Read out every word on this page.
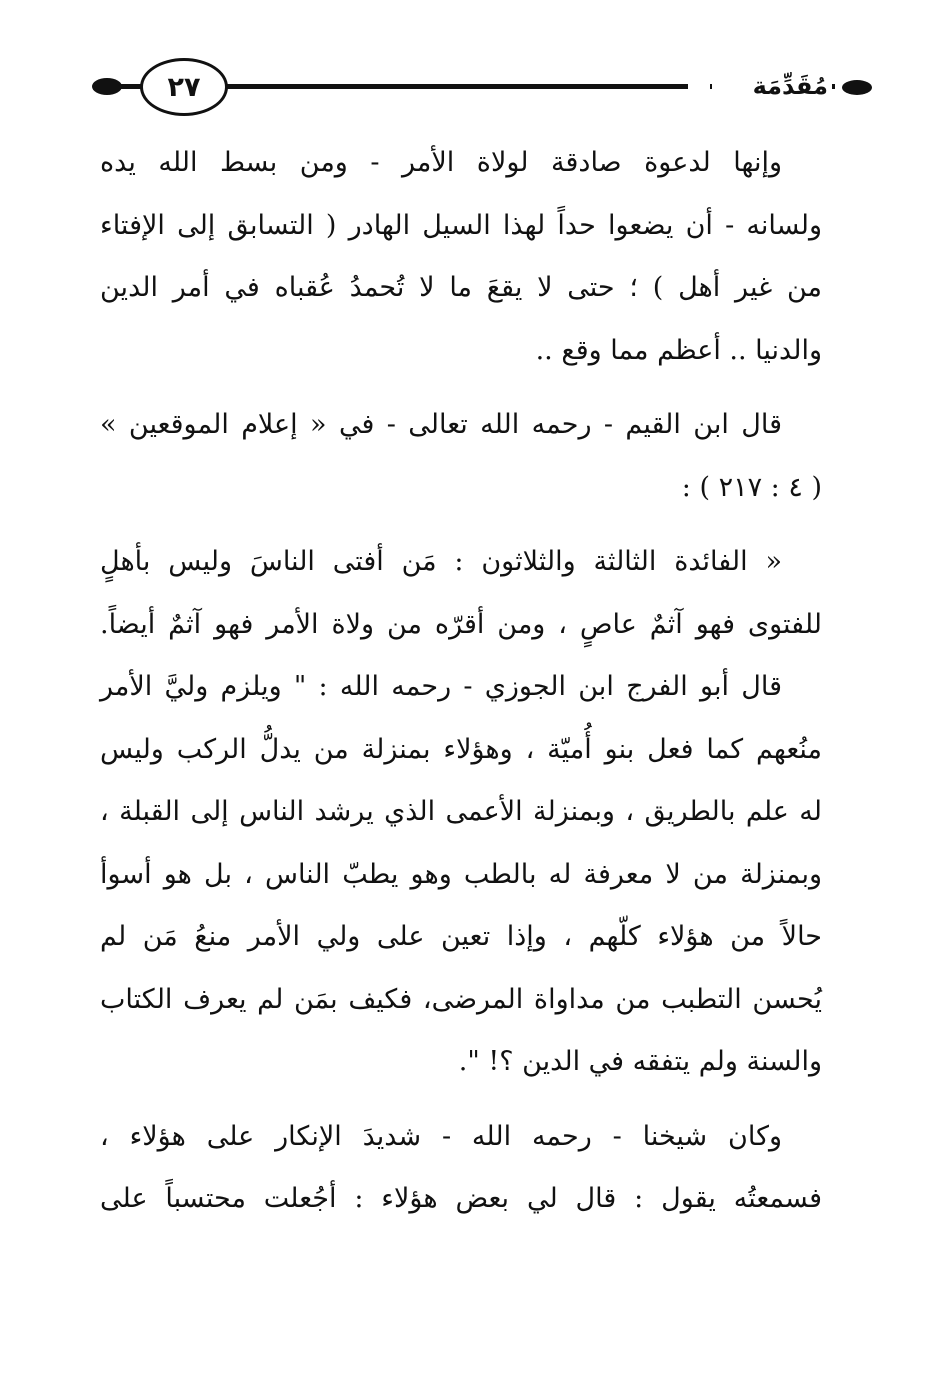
٢٧	مُقَدِّمَة
وإنها لدعوة صادقة لولاة الأمر - ومن بسط الله يده
ولسانه - أن يضعوا حداً لهذا السيل الهادر ( التسابق إلى الإفتاء
من غير أهل ) ؛ حتى لا يقعَ ما لا تُحمدُ عُقباه في أمر الدين
والدنيا .. أعظم مما وقع ..
قال ابن القيم - رحمه الله تعالى - في « إعلام الموقعين »
( ٤ : ٢١٧ ) :
« الفائدة الثالثة والثلاثون : مَن أفتى الناسَ وليس بأهلٍ
للفتوى فهو آثمٌ عاصٍ ، ومن أقرّه من ولاة الأمر فهو آثمٌ أيضاً.
قال أبو الفرج ابن الجوزي - رحمه الله : " ويلزم وليَّ الأمر
منُعهم كما فعل بنو أُميّة ، وهؤلاء بمنزلة من يدلُّ الركب وليس
له علم بالطريق ، وبمنزلة الأعمى الذي يرشد الناس إلى القبلة ،
وبمنزلة من لا معرفة له بالطب وهو يطبّ الناس ، بل هو أسوأ
حالاً من هؤلاء كلّهم ، وإذا تعين على ولي الأمر منعُ مَن لم
يُحسن التطبب من مداواة المرضى، فكيف بمَن لم يعرف الكتاب
والسنة ولم يتفقه في الدين ؟! ".
وكان شيخنا - رحمه الله - شديدَ الإنكار على هؤلاء ،
فسمعتُه يقول : قال لي بعض هؤلاء : أجُعلت محتسباً على
